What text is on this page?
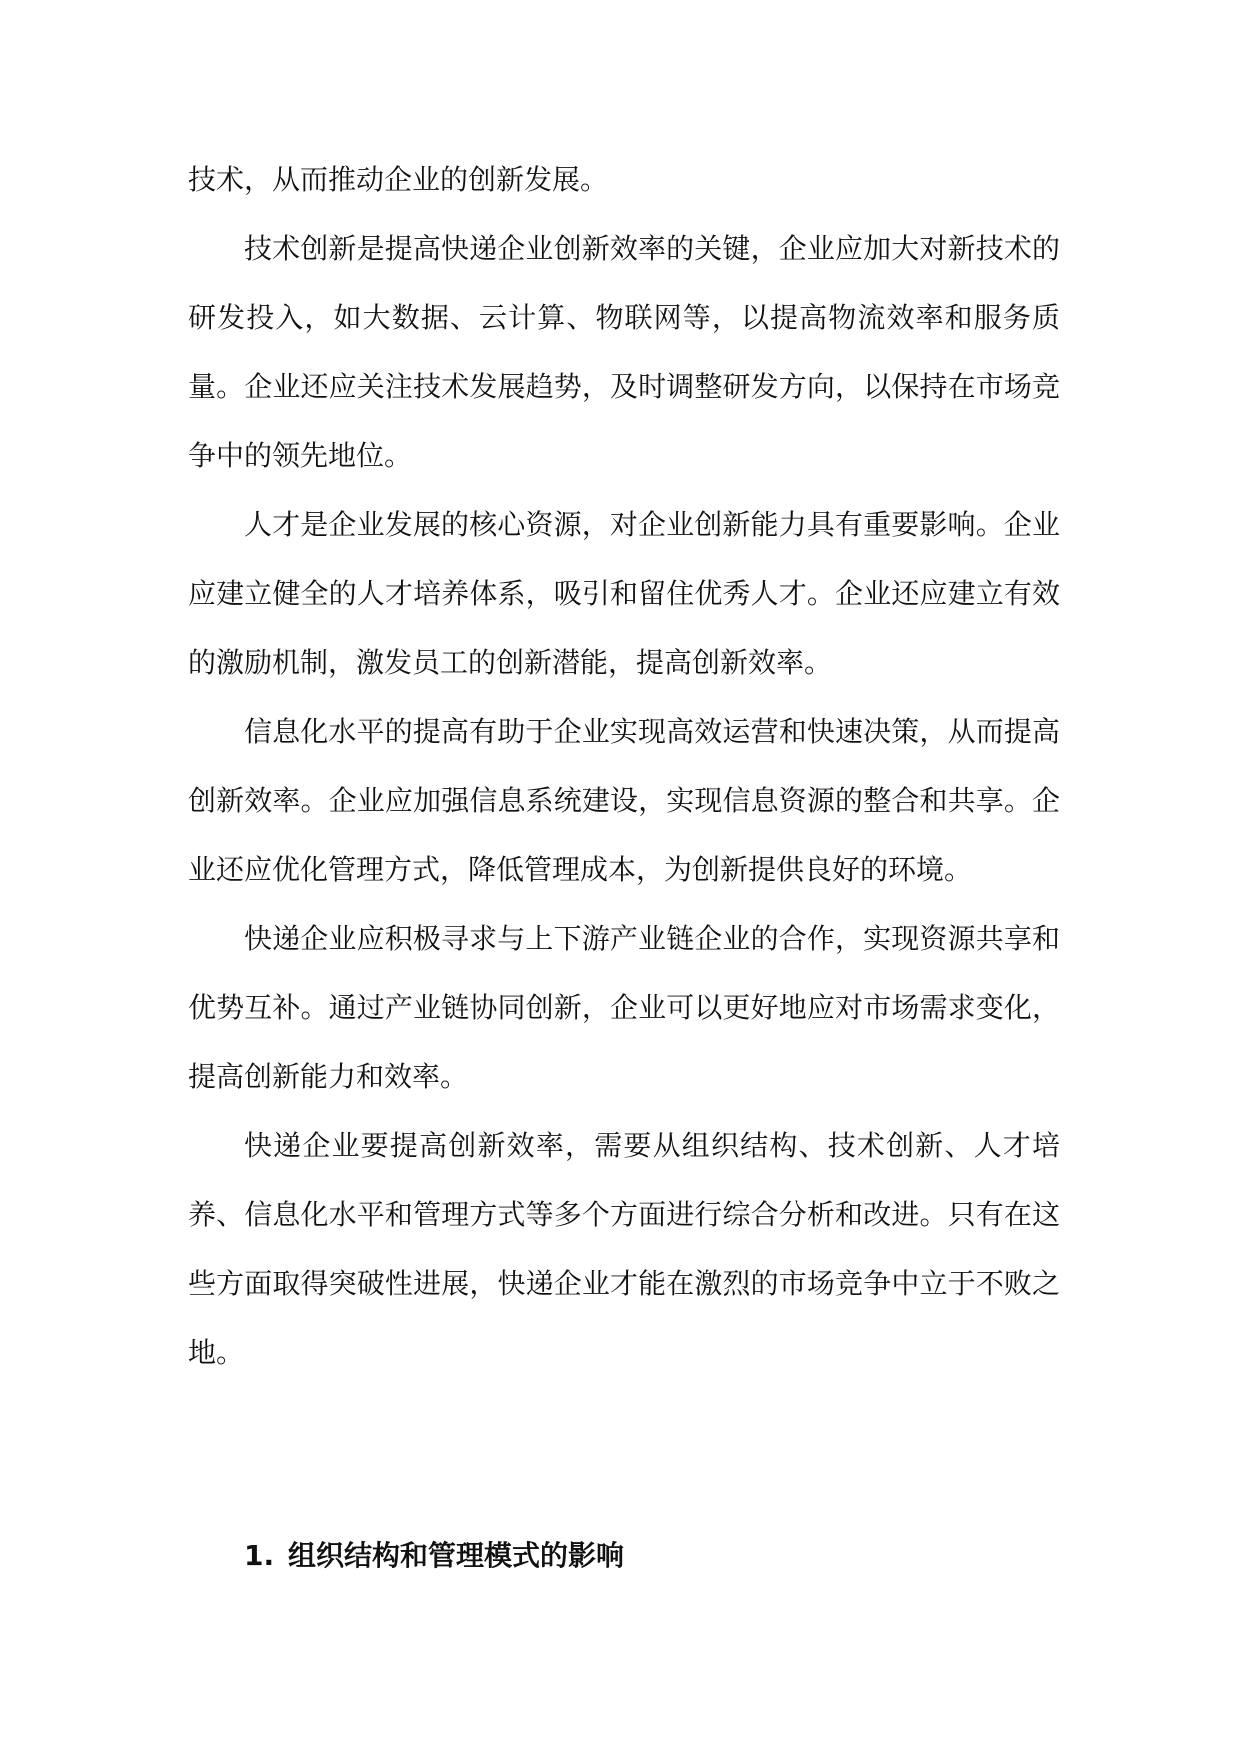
技术，从而推动企业的创新发展。

技术创新是提高快递企业创新效率的关键，企业应加大对新技术的研发投入，如大数据、云计算、物联网等，以提高物流效率和服务质量。企业还应关注技术发展趋势，及时调整研发方向，以保持在市场竞争中的领先地位。

人才是企业发展的核心资源，对企业创新能力具有重要影响。企业应建立健全的人才培养体系，吸引和留住优秀人才。企业还应建立有效的激励机制，激发员工的创新潜能，提高创新效率。

信息化水平的提高有助于企业实现高效运营和快速决策，从而提高创新效率。企业应加强信息系统建设，实现信息资源的整合和共享。企业还应优化管理方式，降低管理成本，为创新提供良好的环境。

快递企业应积极寻求与上下游产业链企业的合作，实现资源共享和优势互补。通过产业链协同创新，企业可以更好地应对市场需求变化，提高创新能力和效率。

快递企业要提高创新效率，需要从组织结构、技术创新、人才培养、信息化水平和管理方式等多个方面进行综合分析和改进。只有在这些方面取得突破性进展，快递企业才能在激烈的市场竞争中立于不败之地。

1. 组织结构和管理模式的影响
